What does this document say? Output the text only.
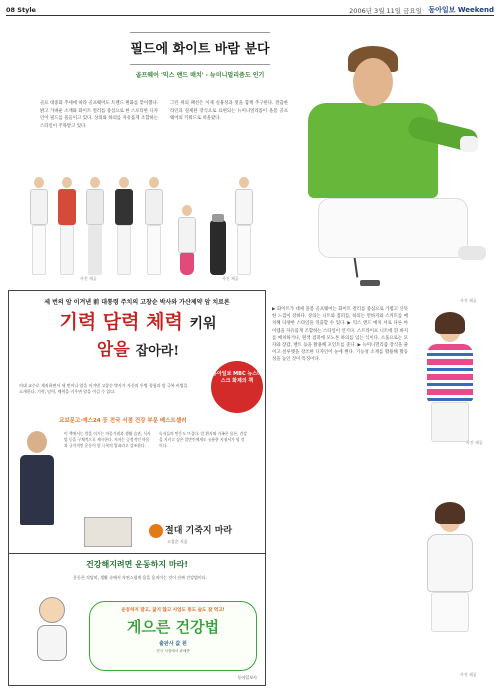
08 Style	2006년 3월 11일 금요일 동아일보 Weekend
필드에 화이트 바람 분다
골프웨어 '믹스 앤드 매치' · 뉴미니멀리즘도 인기
골프 대중화 추세에 따라 골프웨어도 트렌드 변화를 맞이했다. 밝고 가벼운 소재와 화이트 컬러를 중심으로 한 스포티한 디자인이 필드를 물들이고 있다. 상의와 하의를 자유롭게 조합하는 스타일이 주목받고 있다.
그린 위의 패션은 이제 실용성과 멋을 함께 추구한다. 깔끔한 라인과 절제된 장식으로 표현되는 뉴미니멀리즘이 올봄 골프웨어의 키워드로 떠올랐다.
사진 제공	사진 제공
사진 제공
세 번의 암 이겨낸 前 대통령 주치의 고창순 박사와 가산제약 암 치료론
기력 담력 체력 키워
암을 잡아라!
동아일보 MBC 뉴스데스크 화제의 책
의대 교수로 재직하면서 세 번이나 암을 이겨낸 고창순 박사가 자신의 투병 경험과 암 극복 비법을 소개한다. 기력, 담력, 체력을 키우면 암을 이길 수 있다.
교보문고·예스24 등 전국 서점 건강 부문 베스트셀러
이 책에서는 암을 이기는 마음가짐과 생활 습관, 식사법 등을 구체적으로 제시한다. 저자는 긍정적인 마음과 규칙적인 운동이 암 극복의 열쇠라고 강조한다.
독자들의 반응도 뜨겁다. 암 환자와 가족은 물론, 건강을 지키고 싶은 일반인에게도 유용한 지침서가 될 것이다.
절대 기죽지 마라
고창순 지음
건강해지려면 운동하지 마라!
운동은 적당히, 생활 속에서 자연스럽게 몸을 움직이는 것이 진짜 건강법이다.
운동하지 말고, 굶지 않고 사업도 통도 술도 잘 먹고!
게으른 건강법
출판사 값 원
전국 서점에서 판매중
동아일보사
▶ 화이트가 대세 올봄 골프웨어는 화이트 컬러를 중심으로 가볍고 산뜻한 느낌이 강하다. 상의는 니트와 점퍼를, 하의는 면바지와 스커트를 매치해 다양한 스타일을 연출할 수 있다. ▶ 믹스 앤드 매치 서로 다른 아이템을 자유롭게 조합하는 스타일이 인기다. 스트라이프 니트에 흰 바지를 매치하거나, 원색 점퍼에 모노톤 하의를 입는 식이다. 소품으로는 모자와 장갑, 벨트 등을 활용해 포인트를 준다. ▶ 뉴미니멀리즘 장식을 줄이고 실루엣을 강조한 디자인이 눈에 띈다. 기능성 소재를 활용해 활동성을 높인 것이 특징이다.
사진 제공
사진 제공
